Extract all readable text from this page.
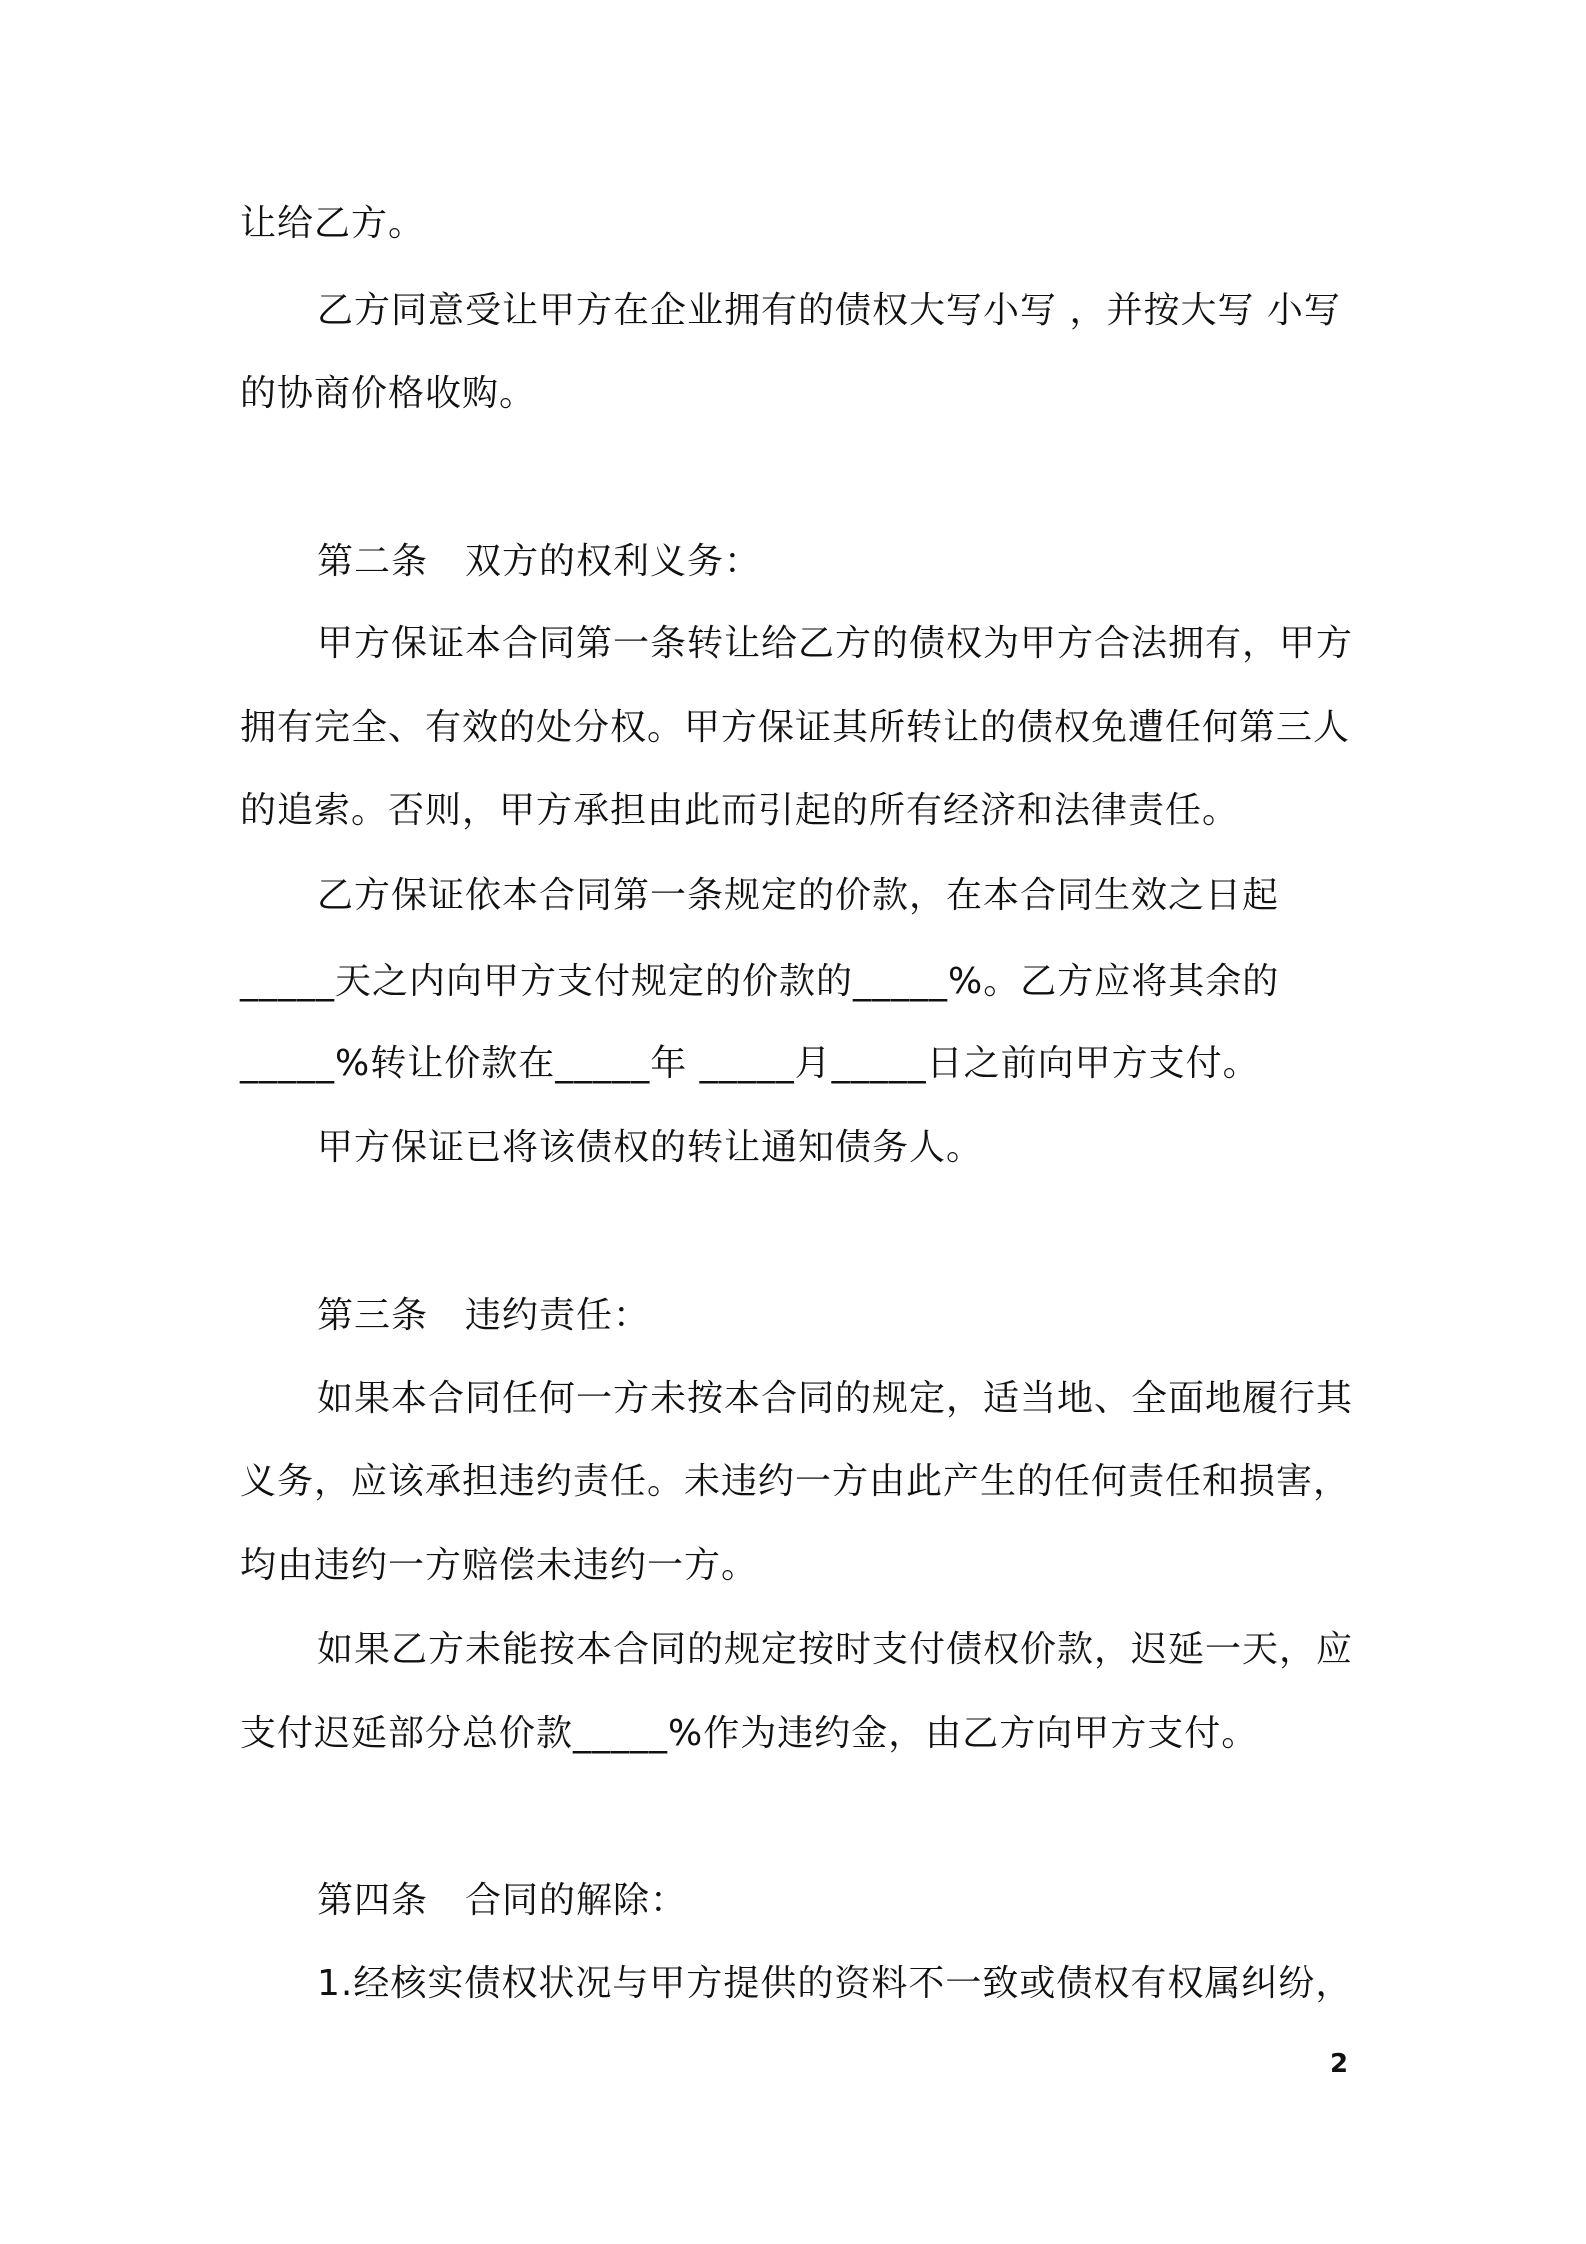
让给乙方。
乙方同意受让甲方在企业拥有的债权大写小写 ，并按大写 小写
的协商价格收购。
第二条　双方的权利义务：
甲方保证本合同第一条转让给乙方的债权为甲方合法拥有，甲方
拥有完全、有效的处分权。甲方保证其所转让的债权免遭任何第三人
的追索。否则，甲方承担由此而引起的所有经济和法律责任。
乙方保证依本合同第一条规定的价款，在本合同生效之日起
_____天之内向甲方支付规定的价款的_____%。乙方应将其余的
_____%转让价款在_____年 _____月_____日之前向甲方支付。
甲方保证已将该债权的转让通知债务人。
第三条　违约责任：
如果本合同任何一方未按本合同的规定，适当地、全面地履行其
义务，应该承担违约责任。未违约一方由此产生的任何责任和损害，
均由违约一方赔偿未违约一方。
如果乙方未能按本合同的规定按时支付债权价款，迟延一天，应
支付迟延部分总价款_____%作为违约金，由乙方向甲方支付。
第四条　合同的解除：
1.经核实债权状况与甲方提供的资料不一致或债权有权属纠纷，
2
